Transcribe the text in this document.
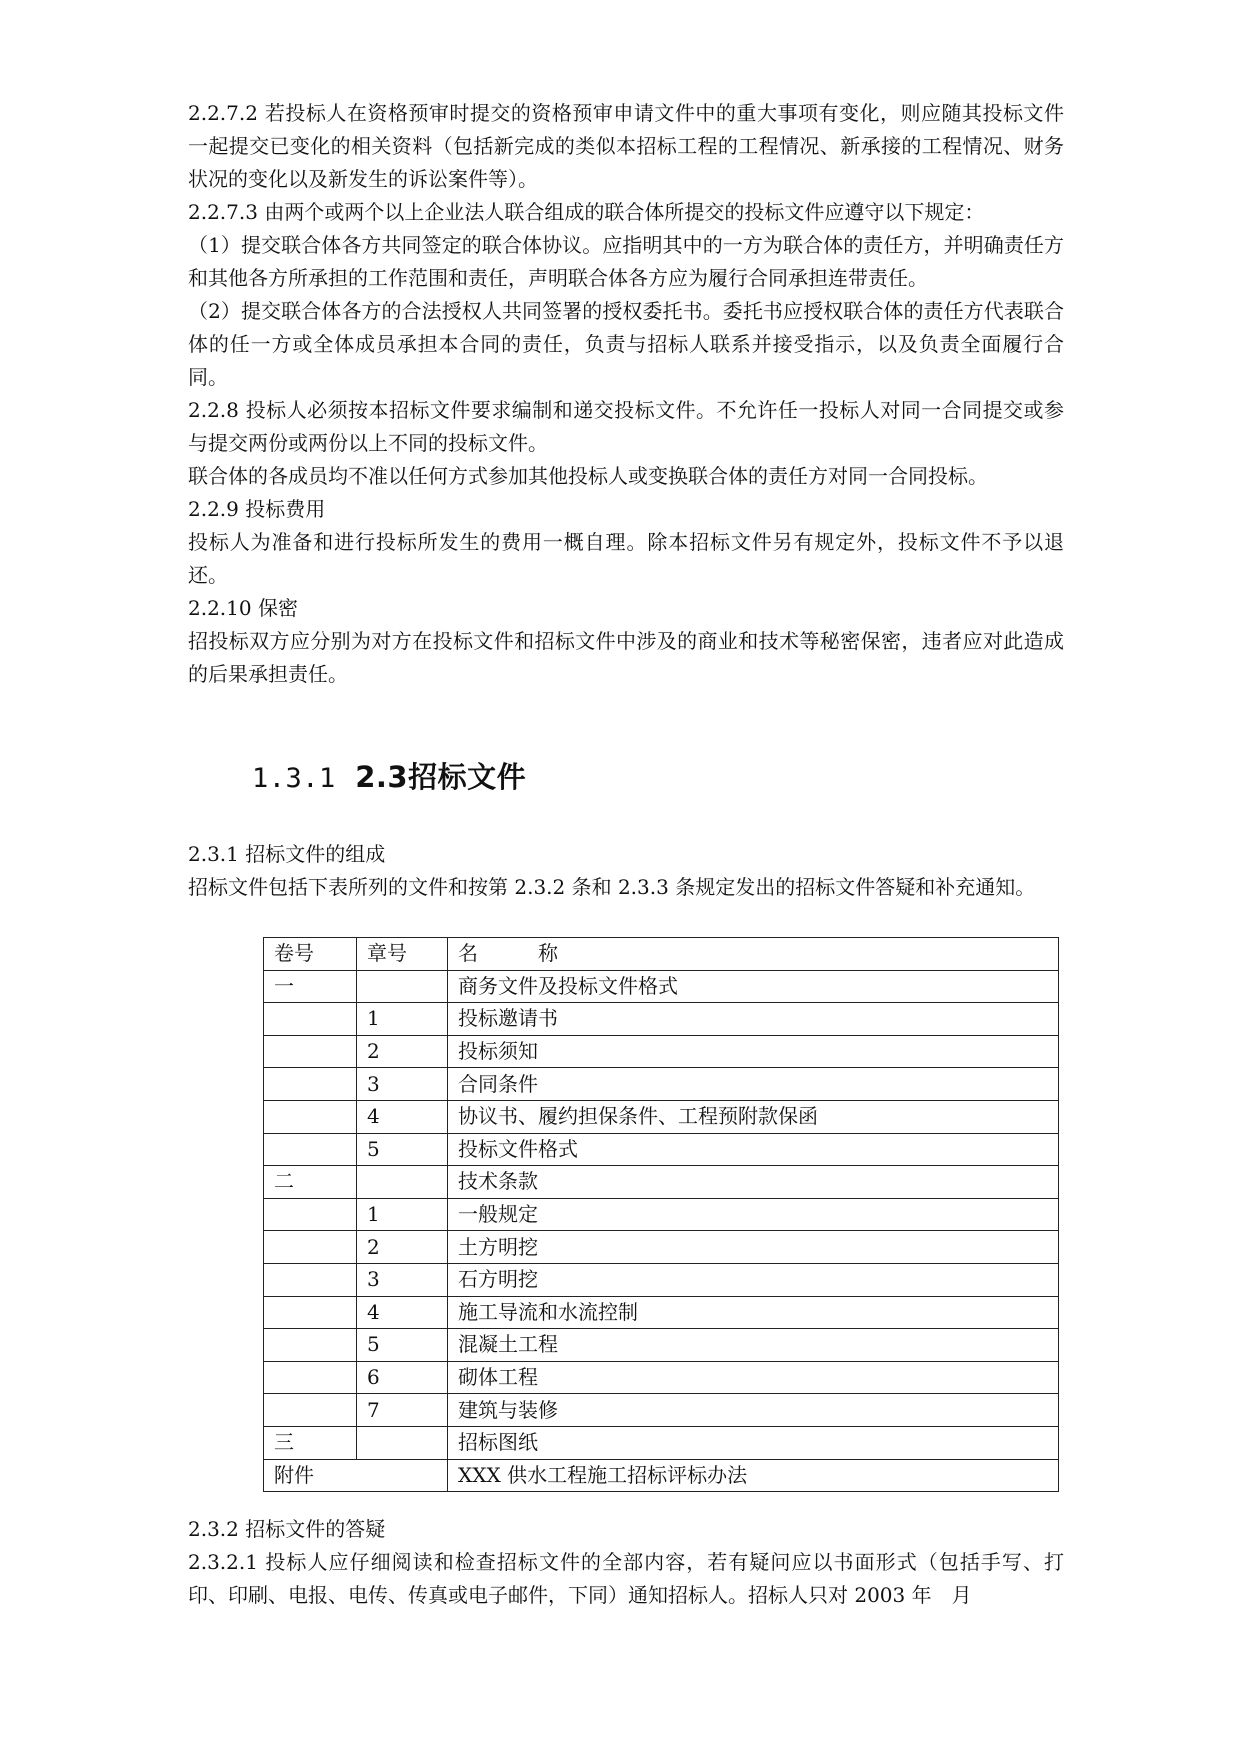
2.2.7.2 若投标人在资格预审时提交的资格预审申请文件中的重大事项有变化，则应随其投标文件一起提交已变化的相关资料（包括新完成的类似本招标工程的工程情况、新承接的工程情况、财务状况的变化以及新发生的诉讼案件等）。

2.2.7.3 由两个或两个以上企业法人联合组成的联合体所提交的投标文件应遵守以下规定：

（1）提交联合体各方共同签定的联合体协议。应指明其中的一方为联合体的责任方，并明确责任方和其他各方所承担的工作范围和责任，声明联合体各方应为履行合同承担连带责任。

（2）提交联合体各方的合法授权人共同签署的授权委托书。委托书应授权联合体的责任方代表联合体的任一方或全体成员承担本合同的责任，负责与招标人联系并接受指示，以及负责全面履行合同。

2.2.8 投标人必须按本招标文件要求编制和递交投标文件。不允许任一投标人对同一合同提交或参与提交两份或两份以上不同的投标文件。

联合体的各成员均不准以任何方式参加其他投标人或变换联合体的责任方对同一合同投标。

2.2.9 投标费用

投标人为准备和进行投标所发生的费用一概自理。除本招标文件另有规定外，投标文件不予以退还。

2.2.10 保密

招投标双方应分别为对方在投标文件和招标文件中涉及的商业和技术等秘密保密，违者应对此造成的后果承担责任。

1.3.1 2.3招标文件

2.3.1 招标文件的组成

招标文件包括下表所列的文件和按第 2.3.2 条和 2.3.3 条规定发出的招标文件答疑和补充通知。

卷号	章号	名　　　称
一		商务文件及投标文件格式
	1	投标邀请书
	2	投标须知
	3	合同条件
	4	协议书、履约担保条件、工程预附款保函
	5	投标文件格式
二		技术条款
	1	一般规定
	2	土方明挖
	3	石方明挖
	4	施工导流和水流控制
	5	混凝土工程
	6	砌体工程
	7	建筑与装修
三		招标图纸
附件		XXX 供水工程施工招标评标办法

2.3.2 招标文件的答疑

2.3.2.1 投标人应仔细阅读和检查招标文件的全部内容，若有疑问应以书面形式（包括手写、打印、印刷、电报、电传、传真或电子邮件，下同）通知招标人。招标人只对 2003 年　月
